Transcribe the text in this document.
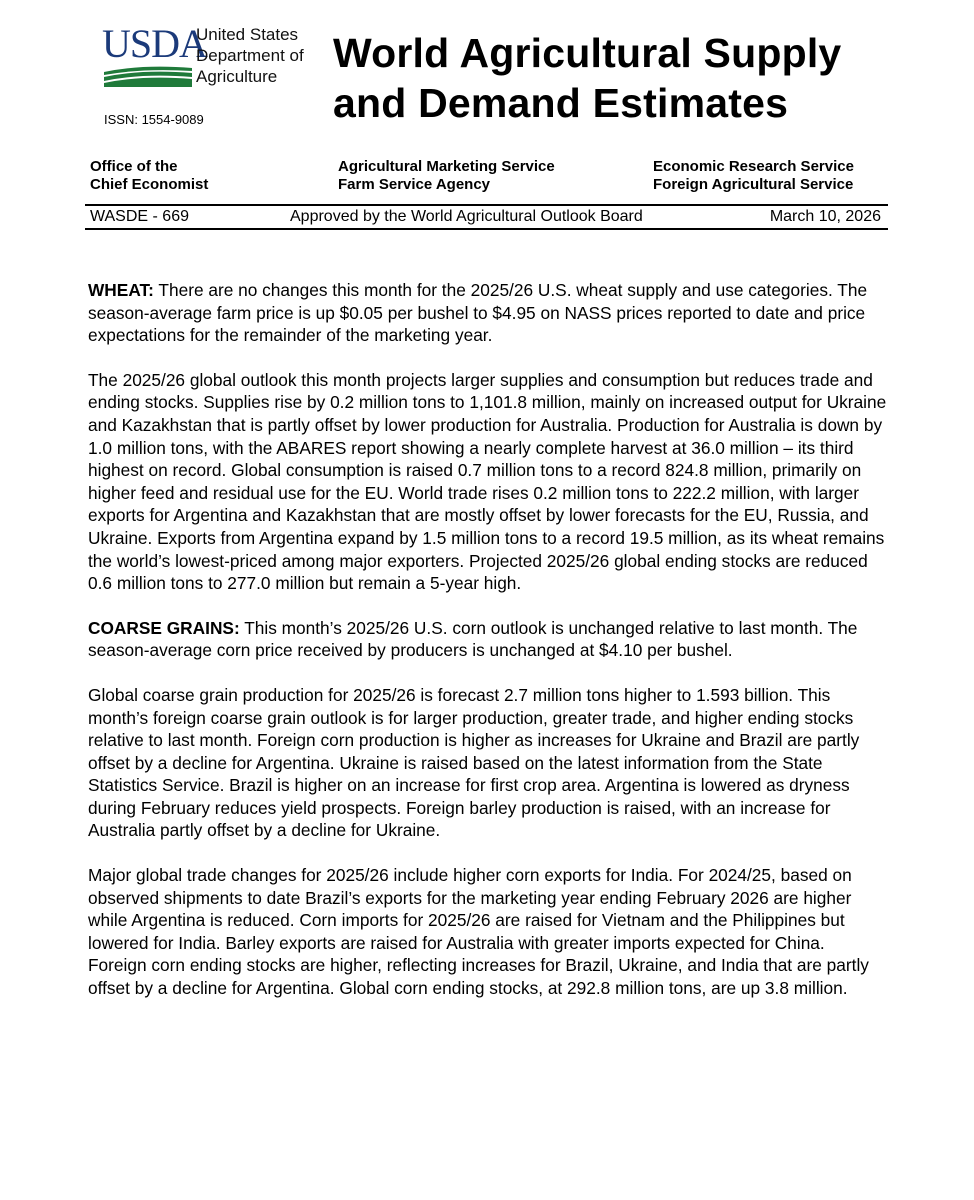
USDA
United States
Department of
Agriculture
ISSN: 1554-9089
World Agricultural Supply
and Demand Estimates
Office of the
Chief Economist
Agricultural Marketing Service
Farm Service Agency
Economic Research Service
Foreign Agricultural Service
WASDE - 669	Approved by the World Agricultural Outlook Board	March 10, 2026

WHEAT: There are no changes this month for the 2025/26 U.S. wheat supply and use categories. The season-average farm price is up $0.05 per bushel to $4.95 on NASS prices reported to date and price expectations for the remainder of the marketing year.

The 2025/26 global outlook this month projects larger supplies and consumption but reduces trade and ending stocks. Supplies rise by 0.2 million tons to 1,101.8 million, mainly on increased output for Ukraine and Kazakhstan that is partly offset by lower production for Australia. Production for Australia is down by 1.0 million tons, with the ABARES report showing a nearly complete harvest at 36.0 million – its third highest on record. Global consumption is raised 0.7 million tons to a record 824.8 million, primarily on higher feed and residual use for the EU. World trade rises 0.2 million tons to 222.2 million, with larger exports for Argentina and Kazakhstan that are mostly offset by lower forecasts for the EU, Russia, and Ukraine. Exports from Argentina expand by 1.5 million tons to a record 19.5 million, as its wheat remains the world’s lowest-priced among major exporters. Projected 2025/26 global ending stocks are reduced 0.6 million tons to 277.0 million but remain a 5-year high.

COARSE GRAINS: This month’s 2025/26 U.S. corn outlook is unchanged relative to last month. The season-average corn price received by producers is unchanged at $4.10 per bushel.

Global coarse grain production for 2025/26 is forecast 2.7 million tons higher to 1.593 billion. This month’s foreign coarse grain outlook is for larger production, greater trade, and higher ending stocks relative to last month. Foreign corn production is higher as increases for Ukraine and Brazil are partly offset by a decline for Argentina. Ukraine is raised based on the latest information from the State Statistics Service. Brazil is higher on an increase for first crop area. Argentina is lowered as dryness during February reduces yield prospects. Foreign barley production is raised, with an increase for Australia partly offset by a decline for Ukraine.

Major global trade changes for 2025/26 include higher corn exports for India. For 2024/25, based on observed shipments to date Brazil’s exports for the marketing year ending February 2026 are higher while Argentina is reduced. Corn imports for 2025/26 are raised for Vietnam and the Philippines but lowered for India. Barley exports are raised for Australia with greater imports expected for China. Foreign corn ending stocks are higher, reflecting increases for Brazil, Ukraine, and India that are partly offset by a decline for Argentina. Global corn ending stocks, at 292.8 million tons, are up 3.8 million.
